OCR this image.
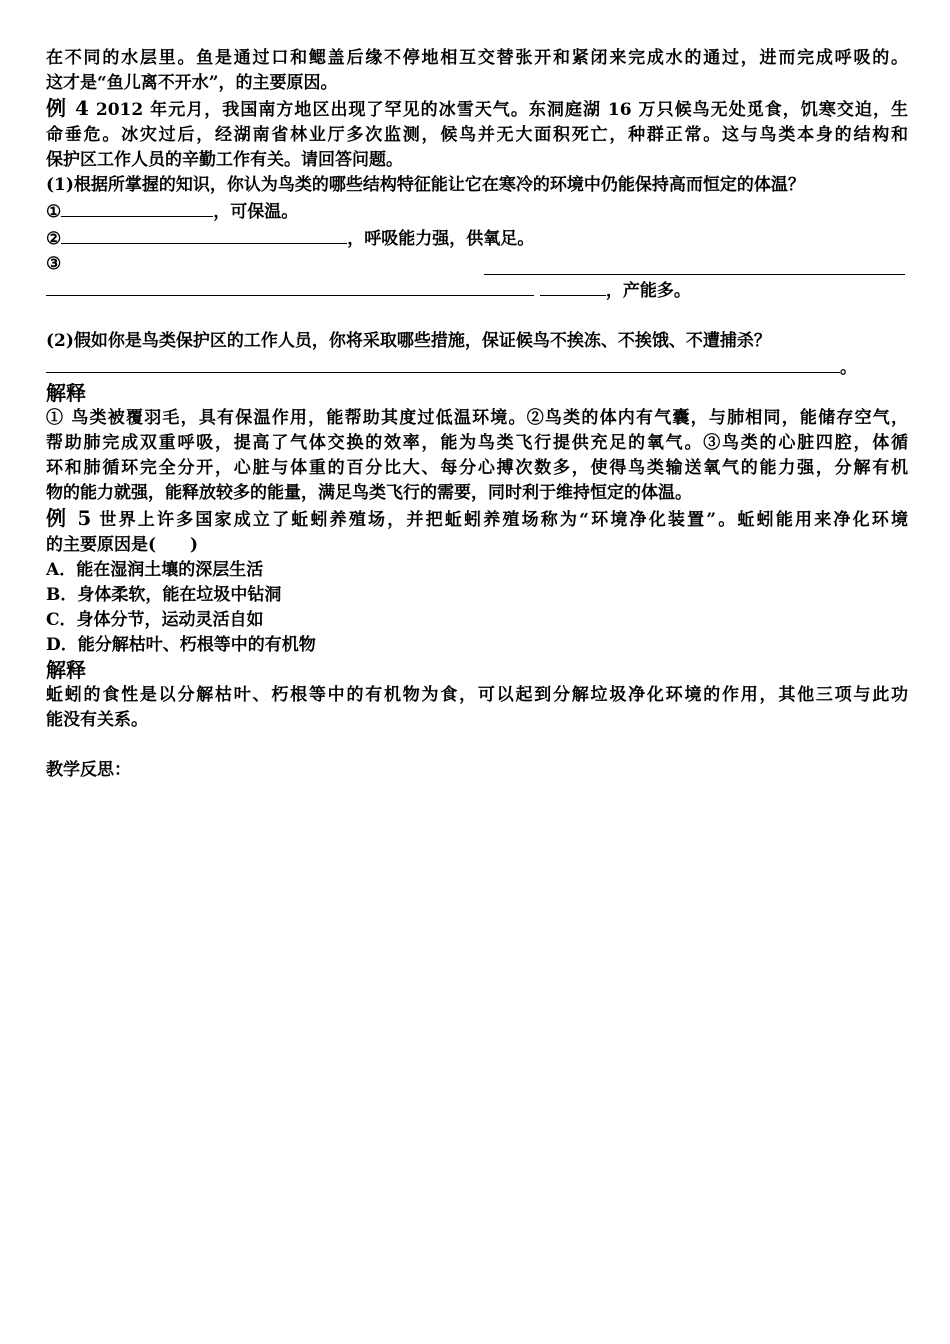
在不同的水层里。鱼是通过口和鳃盖后缘不停地相互交替张开和紧闭来完成水的通过，进而完成呼吸的。
这才是“鱼儿离不开水”，的主要原因。
例 4 2012 年元月，我国南方地区出现了罕见的冰雪天气。东洞庭湖 16 万只候鸟无处觅食，饥寒交迫，生
命垂危。冰灾过后，经湖南省林业厅多次监测，候鸟并无大面积死亡，种群正常。这与鸟类本身的结构和
保护区工作人员的辛勤工作有关。请回答问题。
(1)根据所掌握的知识，你认为鸟类的哪些结构特征能让它在寒冷的环境中仍能保持高而恒定的体温？
①	，可保温。
②	，呼吸能力强，供氧足。
③
，产能多。
(2)假如你是鸟类保护区的工作人员，你将采取哪些措施，保证候鸟不挨冻、不挨饿、不遭捕杀？
。
解释
① 鸟类被覆羽毛，具有保温作用，能帮助其度过低温环境。②鸟类的体内有气囊，与肺相同，能储存空气，
帮助肺完成双重呼吸，提高了气体交换的效率，能为鸟类飞行提供充足的氧气。③鸟类的心脏四腔，体循
环和肺循环完全分开，心脏与体重的百分比大、每分心搏次数多，使得鸟类输送氧气的能力强，分解有机
物的能力就强，能释放较多的能量，满足鸟类飞行的需要，同时利于维持恒定的体温。
例 5 世界上许多国家成立了蚯蚓养殖场，并把蚯蚓养殖场称为“环境净化装置”。蚯蚓能用来净化环境
的主要原因是(　　)
A．能在湿润土壤的深层生活
B．身体柔软，能在垃圾中钻洞
C．身体分节，运动灵活自如
D．能分解枯叶、朽根等中的有机物
解释
蚯蚓的食性是以分解枯叶、朽根等中的有机物为食，可以起到分解垃圾净化环境的作用，其他三项与此功
能没有关系。
教学反思：
